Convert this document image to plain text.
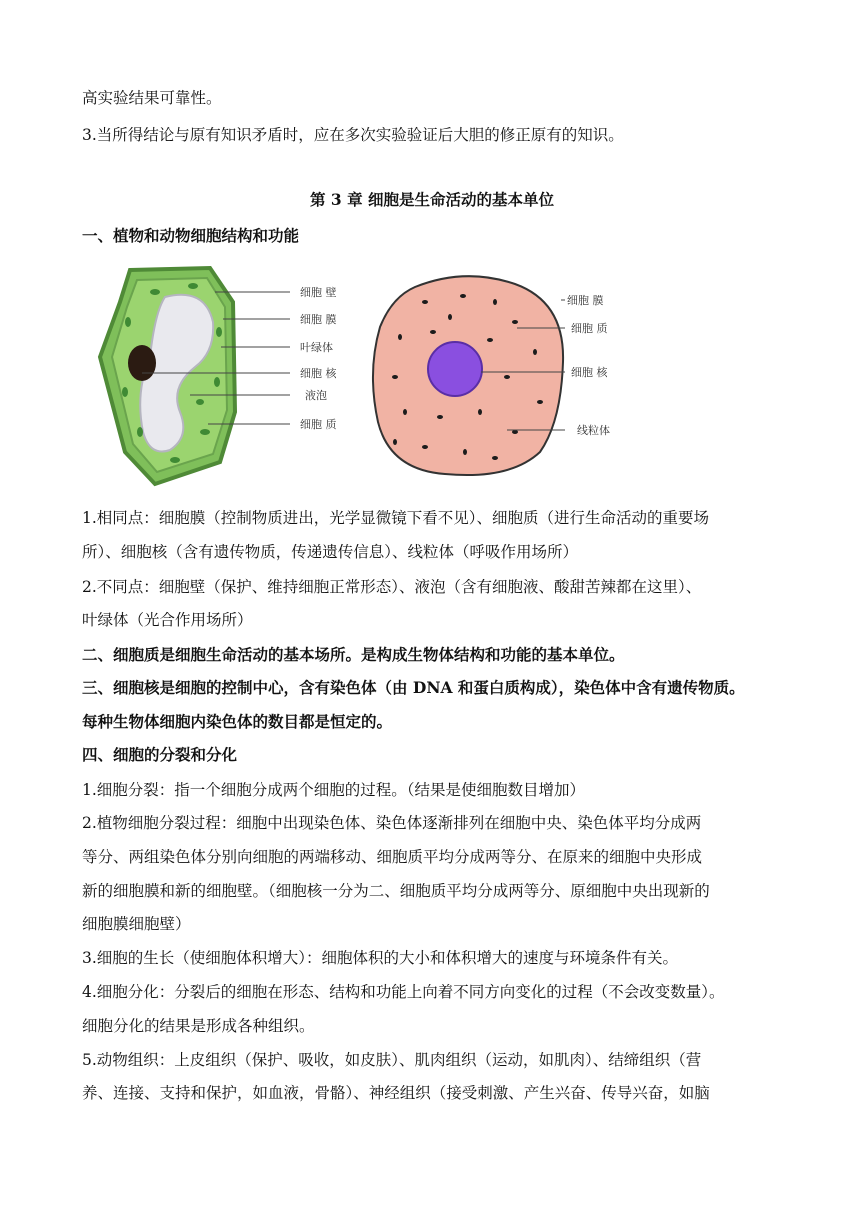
高实验结果可靠性。
3.当所得结论与原有知识矛盾时，应在多次实验验证后大胆的修正原有的知识。
第 3 章 细胞是生命活动的基本单位
一、植物和动物细胞结构和功能
细胞 壁
细胞 膜
叶绿体
细胞 核
液泡
细胞 质
细胞 膜
细胞 质
细胞 核
线粒体
1.相同点：细胞膜（控制物质进出，光学显微镜下看不见）、细胞质（进行生命活动的重要场
所）、细胞核（含有遗传物质，传递遗传信息）、线粒体（呼吸作用场所）
2.不同点：细胞壁（保护、维持细胞正常形态）、液泡（含有细胞液、酸甜苦辣都在这里）、
叶绿体（光合作用场所）
二、细胞质是细胞生命活动的基本场所。是构成生物体结构和功能的基本单位。
三、细胞核是细胞的控制中心，含有染色体（由 DNA 和蛋白质构成），染色体中含有遗传物质。
每种生物体细胞内染色体的数目都是恒定的。
四、细胞的分裂和分化
1.细胞分裂：指一个细胞分成两个细胞的过程。（结果是使细胞数目增加）
2.植物细胞分裂过程：细胞中出现染色体、染色体逐渐排列在细胞中央、染色体平均分成两
等分、两组染色体分别向细胞的两端移动、细胞质平均分成两等分、在原来的细胞中央形成
新的细胞膜和新的细胞壁。（细胞核一分为二、细胞质平均分成两等分、原细胞中央出现新的
细胞膜细胞壁）
3.细胞的生长（使细胞体积增大）：细胞体积的大小和体积增大的速度与环境条件有关。
4.细胞分化：分裂后的细胞在形态、结构和功能上向着不同方向变化的过程（不会改变数量）。
细胞分化的结果是形成各种组织。
5.动物组织：上皮组织（保护、吸收，如皮肤）、肌肉组织（运动，如肌肉）、结缔组织（营
养、连接、支持和保护，如血液，骨骼）、神经组织（接受刺激、产生兴奋、传导兴奋，如脑
